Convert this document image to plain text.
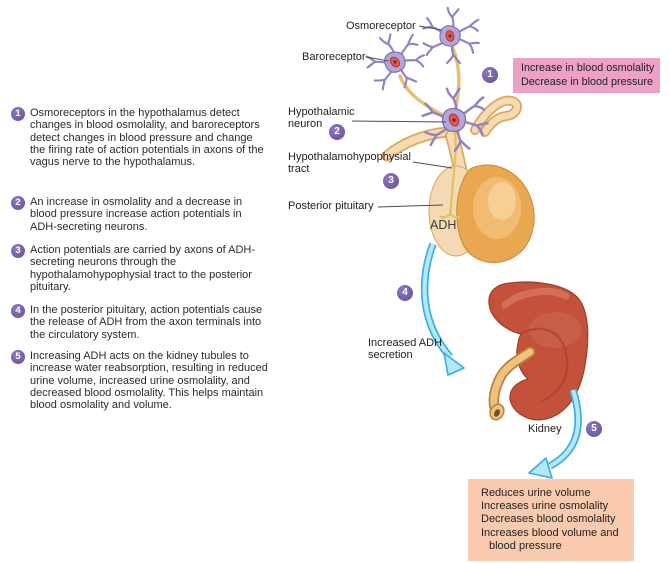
1 Osmoreceptors in the hypothalamus detect changes in blood osmolality, and baroreceptors detect changes in blood pressure and change the firing rate of action potentials in axons of the vagus nerve to the hypothalamus.
2 An increase in osmolality and a decrease in blood pressure increase action potentials in ADH-secreting neurons.
3 Action potentials are carried by axons of ADH-secreting neurons through the hypothalamohypophysial tract to the posterior pituitary.
4 In the posterior pituitary, action potentials cause the release of ADH from the axon terminals into the circulatory system.
5 Increasing ADH acts on the kidney tubules to increase water reabsorption, resulting in reduced urine volume, increased urine osmolality, and decreased blood osmolality. This helps maintain blood osmolality and volume.
Osmoreceptor
Baroreceptor
Hypothalamic neuron
Hypothalamohypophysial tract
Posterior pituitary
ADH
Increased ADH secretion
Kidney
1
2
3
4
5
Increase in blood osmolality
Decrease in blood pressure
Reduces urine volume
Increases urine osmolality
Decreases blood osmolality
Increases blood volume and blood pressure
